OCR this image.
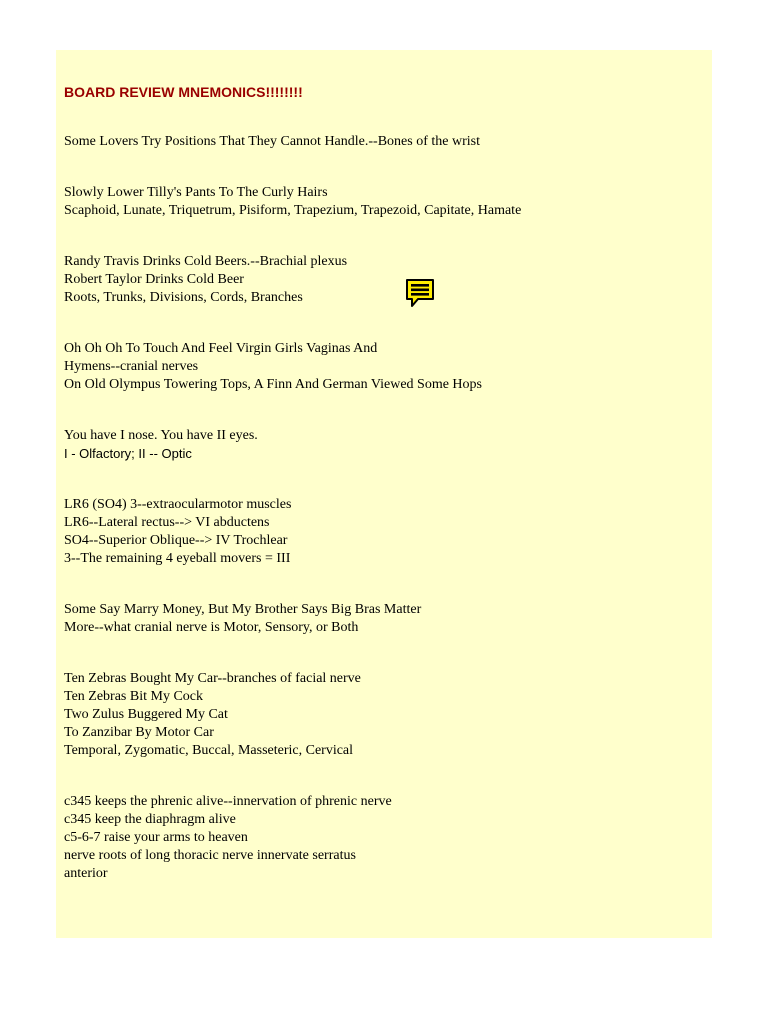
BOARD REVIEW MNEMONICS!!!!!!!!
Some Lovers Try Positions That They Cannot Handle.--Bones of the wrist
Slowly Lower Tilly's Pants To The Curly Hairs
Scaphoid, Lunate, Triquetrum, Pisiform, Trapezium, Trapezoid, Capitate, Hamate
Randy Travis Drinks Cold Beers.--Brachial plexus
Robert Taylor Drinks Cold Beer
Roots, Trunks, Divisions, Cords, Branches
Oh Oh Oh To Touch And Feel Virgin Girls Vaginas And
Hymens--cranial nerves
On Old Olympus Towering Tops, A Finn And German Viewed Some Hops
You have I nose. You have II eyes.
I - Olfactory; II -- Optic
LR6 (SO4) 3--extraocularmotor muscles
LR6--Lateral rectus--> VI abductens
SO4--Superior Oblique--> IV Trochlear
3--The remaining 4 eyeball movers = III
Some Say Marry Money, But My Brother Says Big Bras Matter
More--what cranial nerve is Motor, Sensory, or Both
Ten Zebras Bought My Car--branches of facial nerve
Ten Zebras Bit My Cock
Two Zulus Buggered My Cat
To Zanzibar By Motor Car
Temporal, Zygomatic, Buccal, Masseteric, Cervical
c345 keeps the phrenic alive--innervation of phrenic nerve
c345 keep the diaphragm alive
c5-6-7 raise your arms to heaven
nerve roots of long thoracic nerve innervate serratus
anterior
